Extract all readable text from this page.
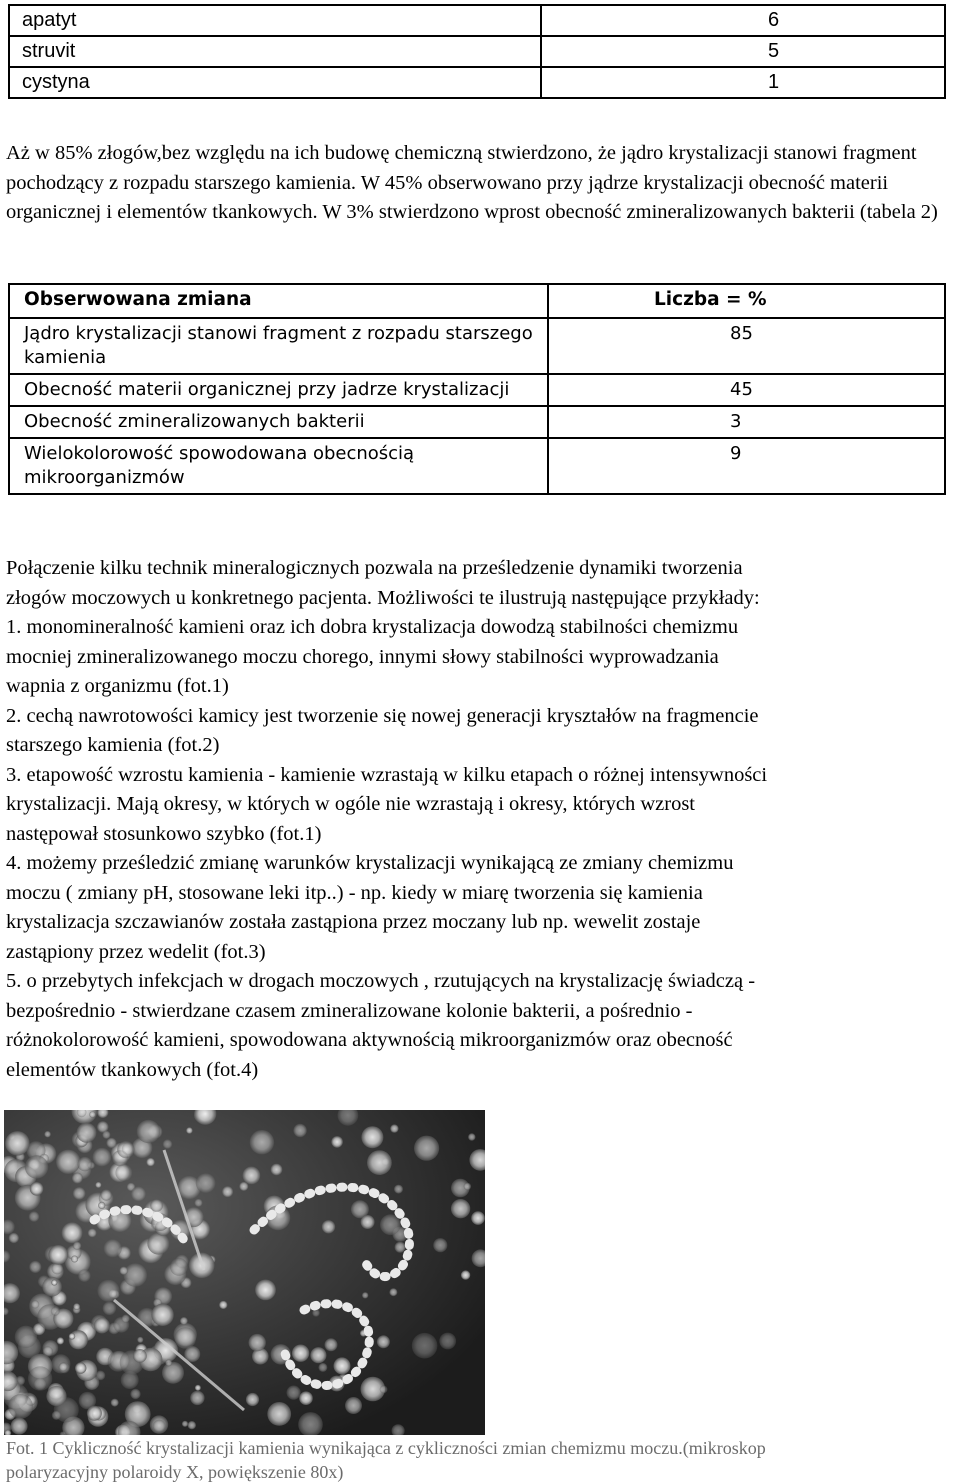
apatyt	6
struvit	5
cystyna	1

Aż w 85% złogów,bez względu na ich budowę chemiczną stwierdzono, że jądro krystalizacji stanowi fragment pochodzący z rozpadu starszego kamienia. W 45% obserwowano przy jądrze krystalizacji obecność materii organicznej i elementów tkankowych. W 3% stwierdzono wprost obecność zmineralizowanych bakterii (tabela 2)

Obserwowana zmiana	Liczba = %
Jądro krystalizacji stanowi fragment z rozpadu starszego kamienia	85
Obecność materii organicznej przy jadrze krystalizacji	45
Obecność zmineralizowanych bakterii	3
Wielokolorowość spowodowana obecnością mikroorganizmów	9
Połączenie kilku technik mineralogicznych pozwala na prześledzenie dynamiki tworzenia
złogów moczowych u konkretnego pacjenta. Możliwości te ilustrują następujące przykłady:
1. monomineralność kamieni oraz ich dobra krystalizacja dowodzą stabilności chemizmu
mocniej zmineralizowanego moczu chorego, innymi słowy stabilności wyprowadzania
wapnia z organizmu (fot.1)
2. cechą nawrotowości kamicy jest tworzenie się nowej generacji kryształów na fragmencie
starszego kamienia (fot.2)
3. etapowość wzrostu kamienia - kamienie wzrastają w kilku etapach o różnej intensywności
krystalizacji. Mają okresy, w których w ogóle nie wzrastają i okresy, których wzrost
następował stosunkowo szybko (fot.1)
4. możemy prześledzić zmianę warunków krystalizacji wynikającą ze zmiany chemizmu
moczu ( zmiany pH, stosowane leki itp..) - np. kiedy w miarę tworzenia się kamienia
krystalizacja szczawianów została zastąpiona przez moczany lub np. wewelit zostaje
zastąpiony przez wedelit (fot.3)
5. o przebytych infekcjach w drogach moczowych , rzutujących na krystalizację świadczą -
bezpośrednio - stwierdzane czasem zmineralizowane kolonie bakterii, a pośrednio -
różnokolorowość kamieni, spowodowana aktywnością mikroorganizmów oraz obecność
elementów tkankowych (fot.4)
Fot. 1 Cykliczność krystalizacji kamienia wynikająca z cykliczności zmian chemizmu moczu.(mikroskop
polaryzacyjny polaroidy X, powiększenie 80x)
